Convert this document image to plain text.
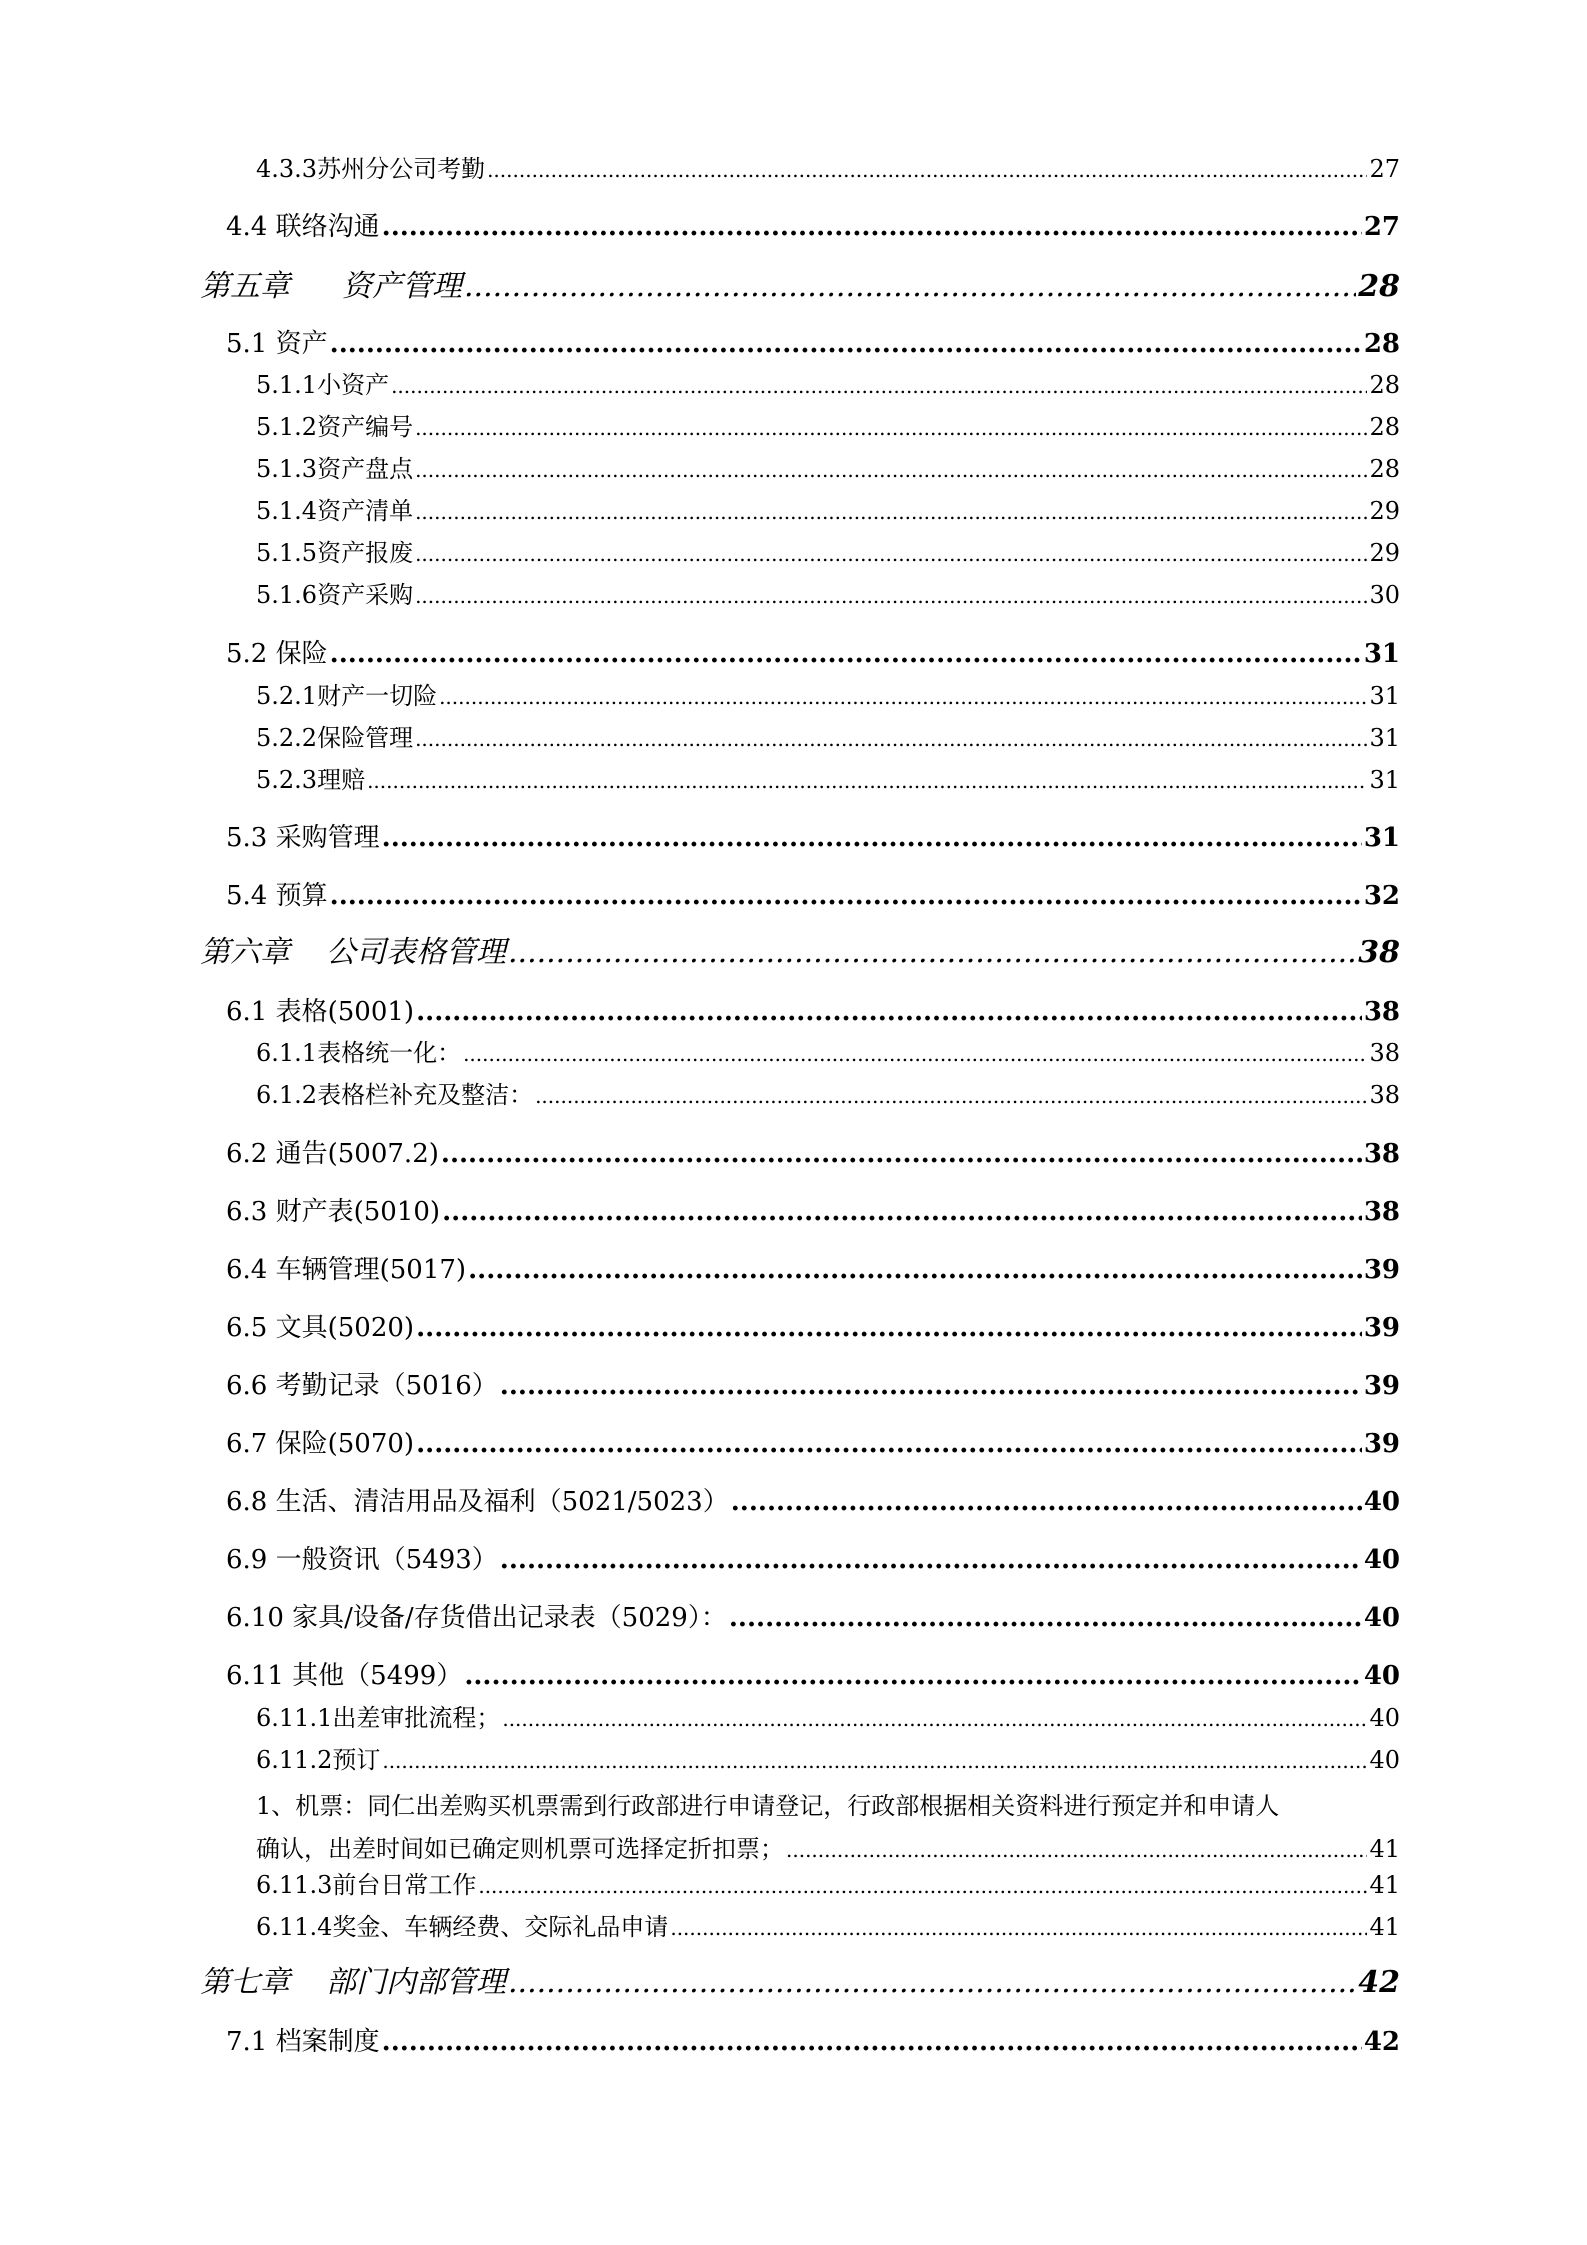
4.3.3苏州分公司考勤 .....	27
4.4 联络沟通 .....	27
第五章 资产管理 .....	28
5.1 资产 .....	28
5.1.1小资产 .....	28
5.1.2资产编号 .....	28
5.1.3资产盘点 .....	28
5.1.4资产清单 .....	29
5.1.5资产报废 .....	29
5.1.6资产采购 .....	30
5.2 保险 .....	31
5.2.1财产一切险 .....	31
5.2.2保险管理 .....	31
5.2.3理赔 .....	31
5.3 采购管理 .....	31
5.4 预算 .....	32
第六章 公司表格管理 .....	38
6.1 表格(5001) .....	38
6.1.1表格统一化： .....	38
6.1.2表格栏补充及整洁： .....	38
6.2 通告(5007.2) .....	38
6.3 财产表(5010) .....	38
6.4 车辆管理(5017) .....	39
6.5 文具(5020) .....	39
6.6 考勤记录（5016） .....	39
6.7 保险(5070) .....	39
6.8 生活、清洁用品及福利（5021/5023） .....	40
6.9 一般资讯（5493） .....	40
6.10 家具/设备/存货借出记录表（5029）： .....	40
6.11 其他（5499） .....	40
6.11.1出差审批流程； .....	40
6.11.2预订 .....	40
1、机票：同仁出差购买机票需到行政部进行申请登记，行政部根据相关资料进行预定并和申请人
确认，出差时间如已确定则机票可选择定折扣票； .....	41
6.11.3前台日常工作 .....	41
6.11.4奖金、车辆经费、交际礼品申请 .....	41
第七章 部门内部管理 .....	42
7.1 档案制度 .....	42
